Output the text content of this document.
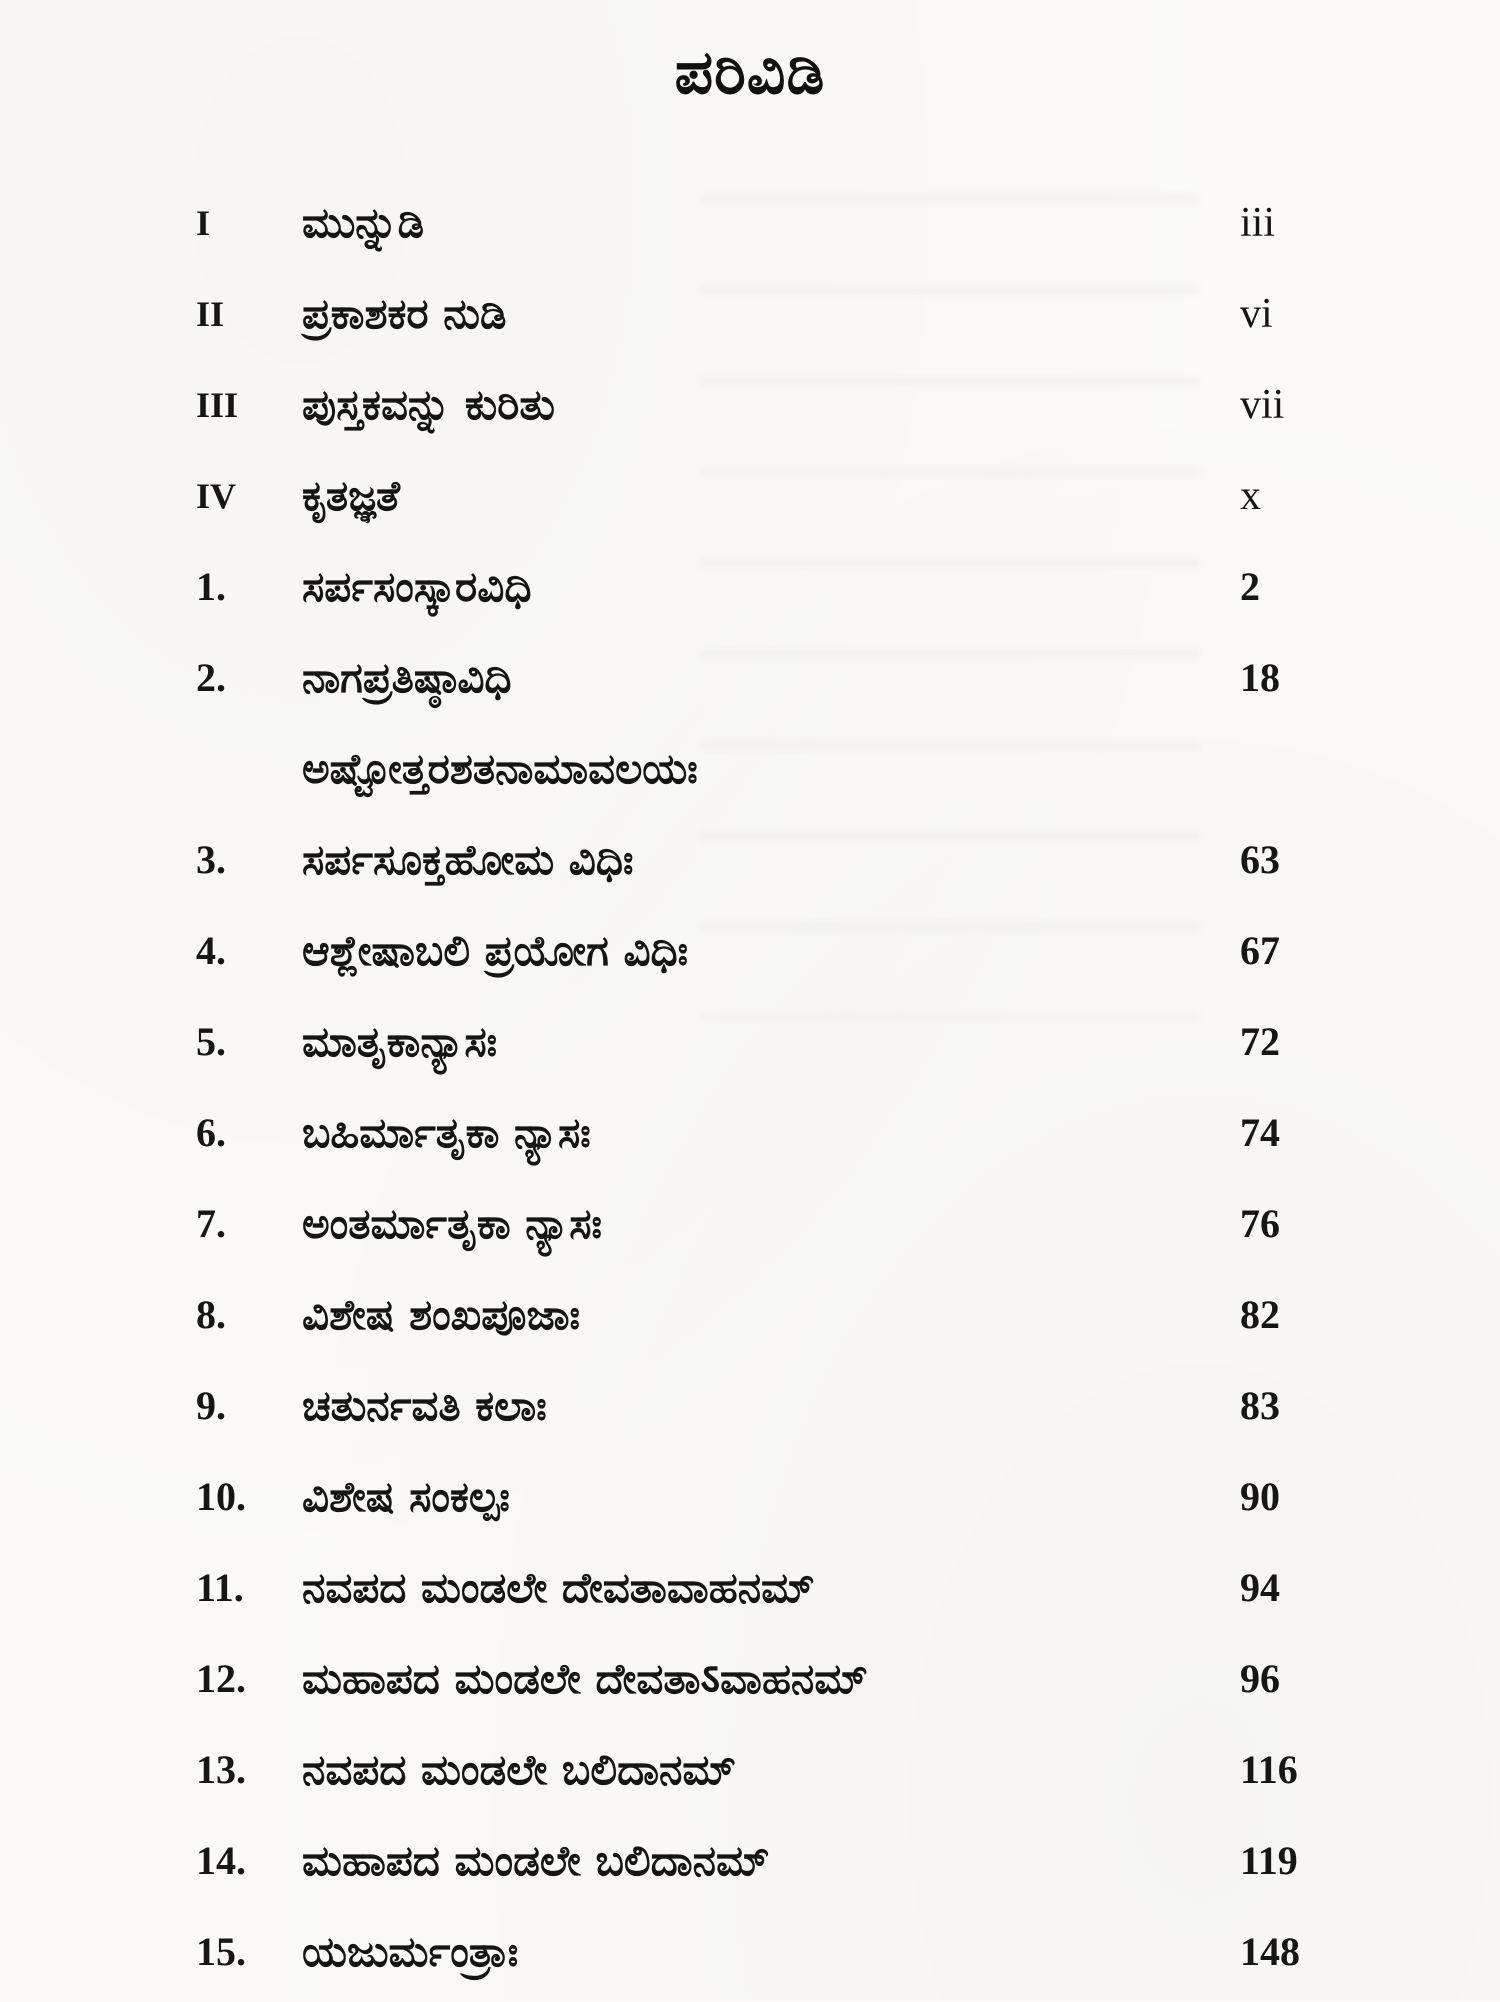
ಪರಿವಿಡಿ
I	ಮುನ್ನುಡಿ	iii
II	ಪ್ರಕಾಶಕರ ನುಡಿ	vi
III	ಪುಸ್ತಕವನ್ನು ಕುರಿತು	vii
IV	ಕೃತಜ್ಞತೆ	x
1.	ಸರ್ಪಸಂಸ್ಕಾರವಿಧಿ	2
2.	ನಾಗಪ್ರತಿಷ್ಠಾವಿಧಿ	18
ಅಷ್ಟೋತ್ತರಶತನಾಮಾವಲಯಃ
3.	ಸರ್ಪಸೂಕ್ತಹೋಮ ವಿಧಿಃ	63
4.	ಆಶ್ಲೇಷಾಬಲಿ ಪ್ರಯೋಗ ವಿಧಿಃ	67
5.	ಮಾತೃಕಾನ್ಯಾಸಃ	72
6.	ಬಹಿರ್ಮಾತೃಕಾ ನ್ಯಾಸಃ	74
7.	ಅಂತರ್ಮಾತೃಕಾ ನ್ಯಾಸಃ	76
8.	ವಿಶೇಷ ಶಂಖಪೂಜಾಃ	82
9.	ಚತುರ್ನವತಿ ಕಲಾಃ	83
10.	ವಿಶೇಷ ಸಂಕಲ್ಪಃ	90
11.	ನವಪದ ಮಂಡಲೇ ದೇವತಾವಾಹನಮ್	94
12.	ಮಹಾಪದ ಮಂಡಲೇ ದೇವತಾऽವಾಹನಮ್	96
13.	ನವಪದ ಮಂಡಲೇ ಬಲಿದಾನಮ್	116
14.	ಮಹಾಪದ ಮಂಡಲೇ ಬಲಿದಾನಮ್	119
15.	ಯಜುರ್ಮಂತ್ರಾಃ	148
